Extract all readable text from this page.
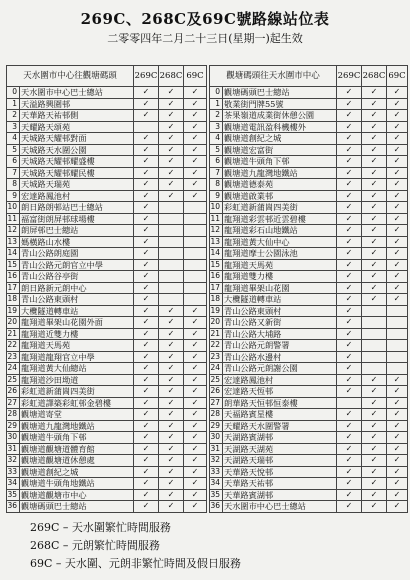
269C、268C及69C號路線站位表
二零零四年二月二十三日(星期一)起生效
天水圍市中心往觀塘碼頭		269C	268C	69C
0	天水圍市中心巴士總站	✓	✓	✓
1	天溢路興圍邨	✓	✓	✓
2	天華路天祐邨側	✓	✓	✓
3	天耀路天頌苑		✓	✓
4	天城路天耀邨對面	✓	✓	✓
5	天城路天水圍公園	✓	✓	✓
6	天城路天耀邨耀盛樓	✓	✓	✓
7	天城路天耀邨耀民樓	✓	✓	✓
8	天城路天瑞苑	✓	✓	✓
9	宏達路鳳池村	✓	✓	✓
10	朗日路朗邨站巴士總站	✓		
11	福富街朗屏邨球場樓	✓		
12	朗屏邨巴士總站	✓		
13	媽橫路山水樓	✓		
14	青山公路朗庭園	✓		
15	青山公路元朗官立中學	✓		
16	青山公路谷亭街	✓		
17	朗日路新元朗中心	✓		
18	青山公路東頭村	✓		
19	大欖隧道轉車站	✓	✓	✓
20	龍翔道畢架山花園外面	✓	✓	✓
21	龍翔道近雙力樓	✓	✓	✓
22	龍翔道天馬苑	✓	✓	✓
23	龍翔道龍翔官立中學	✓	✓	✓
24	龍翔道黃大仙總站	✓	✓	✓
25	龍翔道沙田坳道	✓	✓	✓
26	彩虹道新蒲崗四美街	✓	✓	✓
27	彩虹道譯築彩虹邨金碧樓	✓	✓	✓
28	觀塘道寄堂	✓	✓	✓
29	觀塘道九龍灣地鐵站	✓	✓	✓
30	觀塘道牛頭角下邨	✓	✓	✓
31	觀塘道觀塘道體育館	✓	✓	✓
32	觀塘道觀塘道休憩處	✓	✓	✓
33	觀塘道創紀之城	✓	✓	✓
34	觀塘道牛頭角地鐵站	✓	✓	✓
35	觀塘道觀塘市中心	✓	✓	✓
36	觀塘碼頭巴士總站	✓	✓	✓
觀塘碼頭往天水圍市中心		269C	268C	69C
0	觀塘碼頭巴士總站	✓	✓	✓
1	敬業街門牌55號	✓	✓	✓
2	茶果嶺道成業街休憩公園	✓	✓	✓
3	觀塘道電訊盈科機樓外	✓	✓	✓
4	觀塘道創紀之城	✓	✓	✓
5	觀塘道宏富街	✓	✓	✓
6	觀塘道牛頭角下邨	✓	✓	✓
7	觀塘道九龍灣地鐵站	✓	✓	✓
8	觀塘道德泰苑	✓	✓	✓
9	觀塘道啟業邨	✓	✓	✓
10	彩虹道新蒲崗四美街	✓	✓	✓
11	龍翔道彩雲邨近雲碧樓	✓	✓	✓
12	龍翔道彩石山地鐵站	✓	✓	✓
13	龍翔道黃大仙中心	✓	✓	✓
14	龍翔道摩士公園泳池	✓	✓	✓
15	龍翔道天馬苑	✓	✓	✓
16	龍翔道雙力樓	✓	✓	✓
17	龍翔道畢架山花園	✓	✓	✓
18	大欖隧道轉車站	✓	✓	✓
19	青山公路東頭村	✓		
20	青山公路又新街	✓		
21	青山公路大埔路	✓		
22	青山公路元朗警署	✓		
23	青山公路水邊村	✓		
24	青山公路元朗謝公園	✓		
25	宏達路鳳池村	✓	✓	✓
26	宏達路天恆邨	✓	✓	✓
27	朗華路天恒邨恒泰樓		✓	✓
28	天福路賓星樓	✓	✓	✓
29	天耀路天水圍警署	✓	✓	✓
30	天湖路賓湖邨	✓	✓	✓
31	天湖路天湖苑	✓	✓	✓
32	天湖路天瑞邨	✓	✓	✓
33	天華路天悅邨	✓	✓	✓
34	天華路天祐邨	✓	✓	✓
35	天華路賓湖邨	✓	✓	✓
36	天水圍市中心巴士總站	✓	✓	✓
269C – 天水圍繁忙時間服務
268C – 元朗繁忙時間服務
69C – 天水圍、元朗非繁忙時間及假日服務
